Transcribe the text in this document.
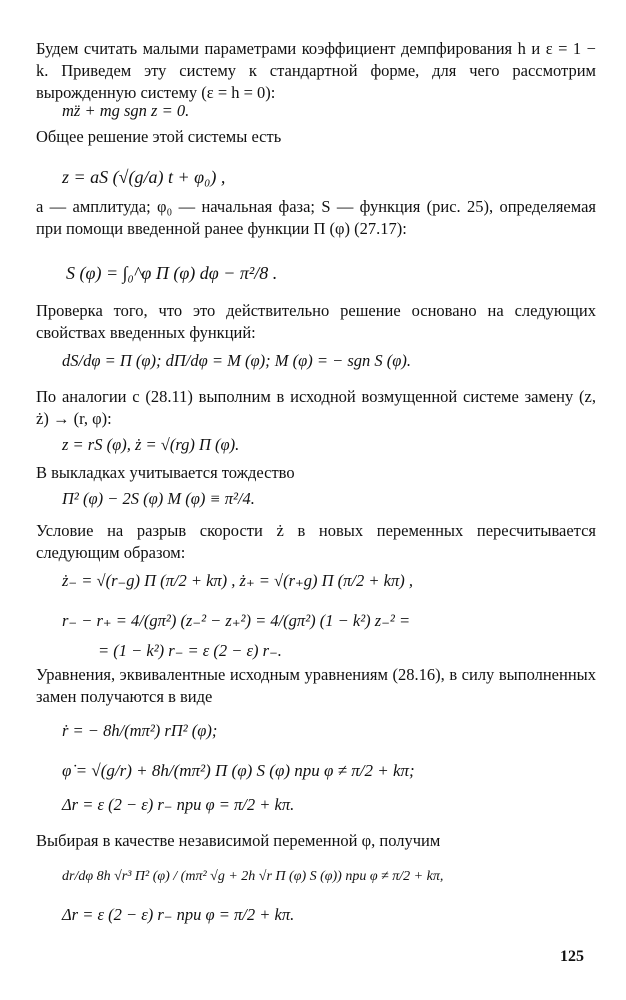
Будем считать малыми параметрами коэффициент демпфирования h и ε = 1 − k. Приведем эту систему к стандартной форме, для чего рассмотрим вырожденную систему (ε = h = 0):

mz̈ + mg sgn z = 0.

Общее решение этой системы есть

z = aS (√(g/a) t + φ₀) ,

a — амплитуда; φ₀ — начальная фаза; S — функция (рис. 25), определяемая при помощи введенной ранее функции Π (φ) (27.17):

S (φ) = ∫₀^φ Π (φ) dφ − π²/8 .

Проверка того, что это действительно решение основано на следующих свойствах введенных функций:

dS/dφ = Π (φ); dΠ/dφ = M (φ); M (φ) = − sgn S (φ).

По аналогии с (28.11) выполним в исходной возмущенной системе замену (z, ż) → (r, φ):

z = rS (φ), ż = √(rg) Π (φ).

В выкладках учитывается тождество

Π² (φ) − 2S (φ) M (φ) ≡ π²/4.

Условие на разрыв скорости ż в новых переменных пересчитывается следующим образом:

ż₋ = √(r₋g) Π (π/2 + kπ) , ż₊ = √(r₊g) Π (π/2 + kπ) ,
r₋ − r₊ = 4/(gπ²) (z₋² − z₊²) = 4/(gπ²) (1 − k²) z₋² =
= (1 − k²) r₋ = ε (2 − ε) r₋.

Уравнения, эквивалентные исходным уравнениям (28.16), в силу выполненных замен получаются в виде

ṙ = − 8h/(mπ²) rΠ² (φ);
φ̇ = √(g/r) + 8h/(mπ²) Π (φ) S (φ) при φ ≠ π/2 + kπ;
Δr = ε (2 − ε) r₋ при φ = π/2 + kπ.

Выбирая в качестве независимой переменной φ, получим

dr/dφ 8h √r³ Π² (φ) / (mπ² √g + 2h √r Π (φ) S (φ)) при φ ≠ π/2 + kπ,
Δr = ε (2 − ε) r₋ при φ = π/2 + kπ.
125
